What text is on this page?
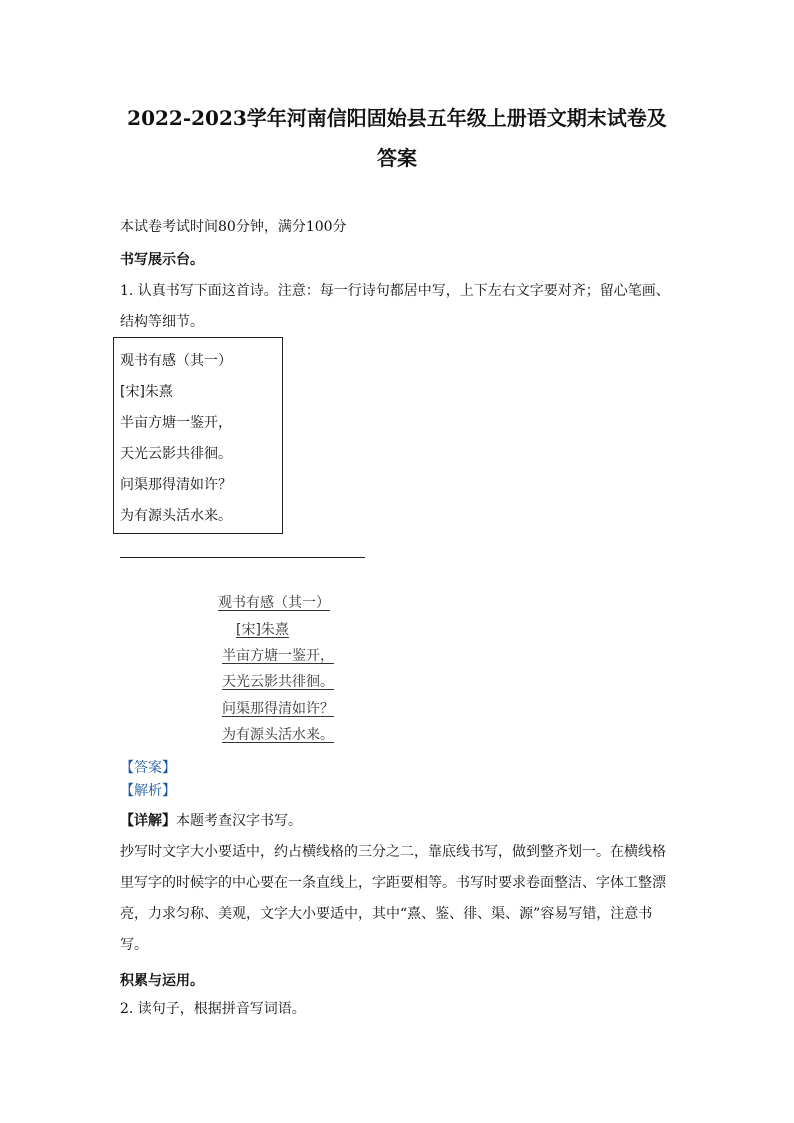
2022-2023学年河南信阳固始县五年级上册语文期末试卷及
答案
本试卷考试时间80分钟，满分100分
书写展示台。
1. 认真书写下面这首诗。注意：每一行诗句都居中写，上下左右文字要对齐；留心笔画、
结构等细节。
观书有感（其一）
[宋]朱熹
半亩方塘一鉴开，
天光云影共徘徊。
问渠那得清如许？
为有源头活水来。
观书有感（其一）
[宋]朱熹
半亩方塘一鉴开，
天光云影共徘徊。
问渠那得清如许？
为有源头活水来。
【答案】
【解析】
【详解】本题考查汉字书写。
抄写时文字大小要适中，约占横线格的三分之二，靠底线书写，做到整齐划一。在横线格
里写字的时候字的中心要在一条直线上，字距要相等。书写时要求卷面整洁、字体工整漂
亮，力求匀称、美观，文字大小要适中，其中“熹、鉴、徘、渠、源”容易写错，注意书
写。
积累与运用。
2. 读句子，根据拼音写词语。
